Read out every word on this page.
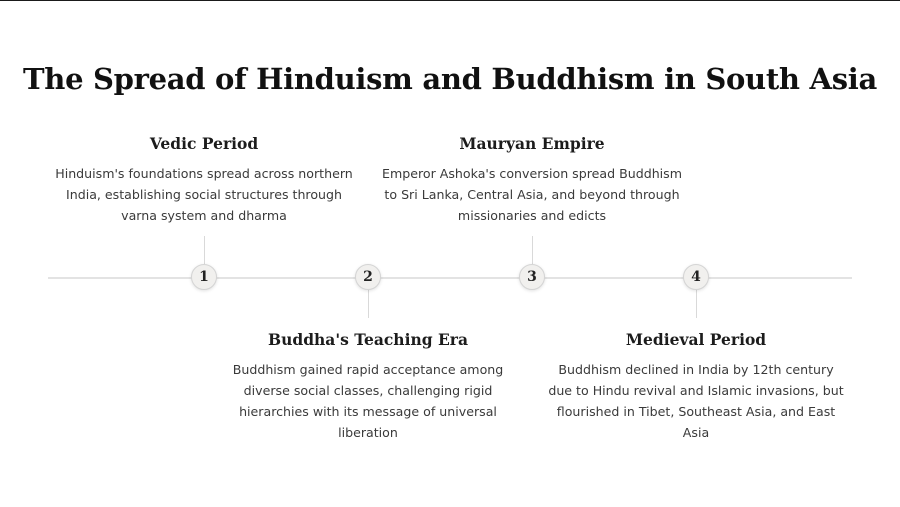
The Spread of Hinduism and Buddhism in South Asia
1
Vedic Period
Hinduism's foundations spread across northern India, establishing social structures through varna system and dharma
2
Buddha's Teaching Era
Buddhism gained rapid acceptance among diverse social classes, challenging rigid hierarchies with its message of universal liberation
3
Mauryan Empire
Emperor Ashoka's conversion spread Buddhism to Sri Lanka, Central Asia, and beyond through missionaries and edicts
4
Medieval Period
Buddhism declined in India by 12th century due to Hindu revival and Islamic invasions, but flourished in Tibet, Southeast Asia, and East Asia
